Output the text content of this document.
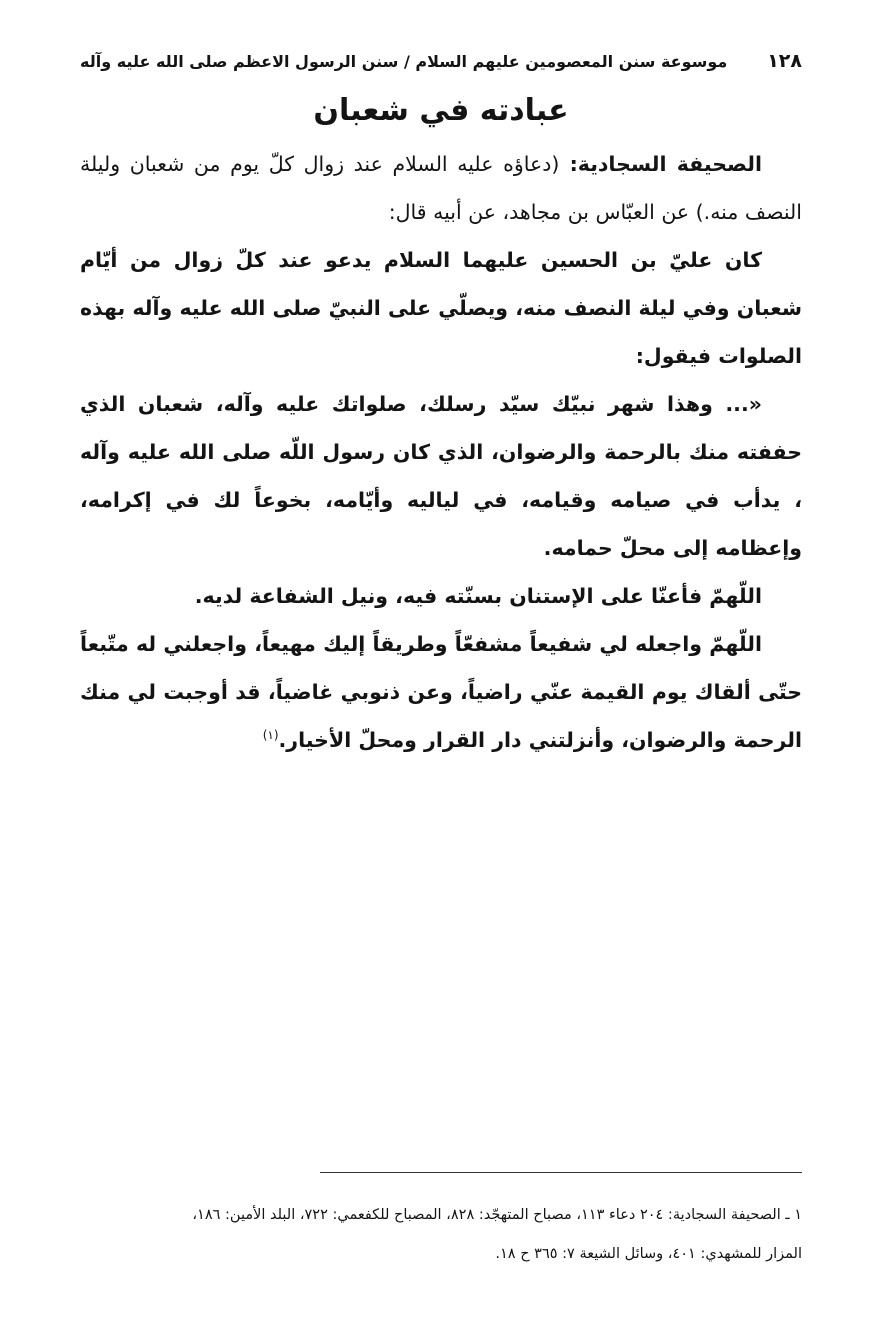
١٢٨
موسوعة سنن المعصومين عليهم السلام / سنن الرسول الاعظم صلى الله عليه وآله
عبادته في شعبان

الصحيفة السجادية: (دعاؤه عليه السلام عند زوال كلّ يوم من شعبان وليلة النصف منه.) عن العبّاس بن مجاهد، عن أبيه قال:

كان عليّ بن الحسين عليهما السلام يدعو عند كلّ زوال من أيّام شعبان وفي ليلة النصف منه، ويصلّي على النبيّ صلى الله عليه وآله بهذه الصلوات فيقول:

«... وهذا شهر نبيّك سيّد رسلك، صلواتك عليه وآله، شعبان الذي حففته منك بالرحمة والرضوان، الذي كان رسول اللّه صلى الله عليه وآله ، يدأب في صيامه وقيامه، في لياليه وأيّامه، بخوعاً لك في إكرامه، وإعظامه إلى محلّ حمامه.

اللّهمّ فأعنّا على الإستنان بسنّته فيه، ونيل الشفاعة لديه.

اللّهمّ واجعله لي شفيعاً مشفعّاً وطريقاً إليك مهيعاً، واجعلني له متّبعاً حتّى ألقاك يوم القيمة عنّي راضياً، وعن ذنوبي غاضياً، قد أوجبت لي منك الرحمة والرضوان، وأنزلتني دار القرار ومحلّ الأخيار.$^{(١)}$

١ ـ الصحيفة السجادية: ٢٠٤ دعاء ١١٣، مصباح المتهجّد: ٨٢٨، المصباح للكفعمي: ٧٢٢، البلد الأمين: ١٨٦،

المزار للمشهدي: ٤٠١، وسائل الشيعة ٧: ٣٦٥ ح ١٨.
